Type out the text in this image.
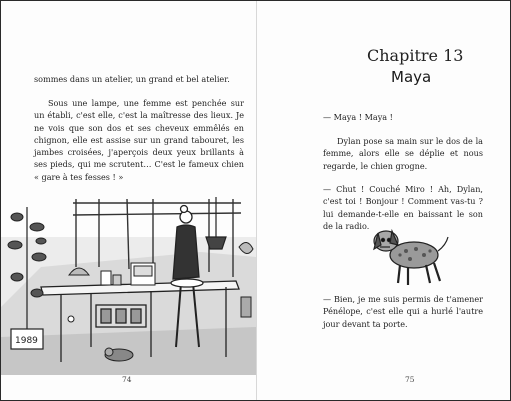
sommes dans un atelier, un grand et bel atelier.

Sous une lampe, une femme est penchée sur un établi, c'est elle, c'est la maîtresse des lieux. Je ne vois que son dos et ses cheveux emmêlés en chignon, elle est assise sur un grand tabouret, les jambes croisées, j'aperçois deux yeux brillants à ses pieds, qui me scrutent… C'est le fameux chien « gare à tes fesses ! »

1989
74
Chapitre 13
Maya

— Maya ! Maya !

Dylan pose sa main sur le dos de la femme, alors elle se déplie et nous regarde, le chien grogne.

— Chut ! Couché Miro ! Ah, Dylan, c'est toi ! Bonjour ! Comment vas-tu ? lui demande-t-elle en baissant le son de la radio.

— Bien, je me suis permis de t'amener Pénélope, c'est elle qui a hurlé l'autre jour devant ta porte.

75
